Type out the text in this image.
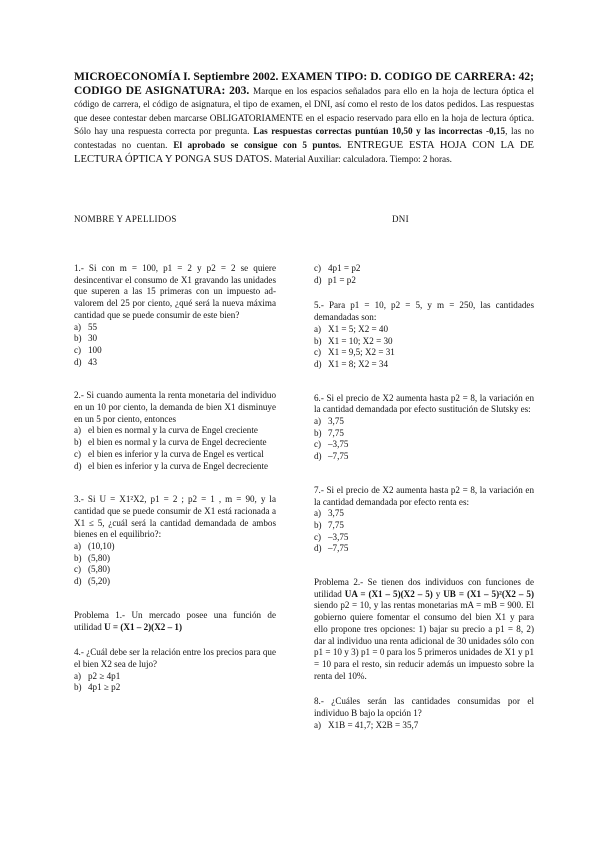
MICROECONOMÍA I. Septiembre 2002. EXAMEN TIPO: D. CODIGO DE CARRERA: 42; CODIGO DE ASIGNATURA: 203. Marque en los espacios señalados para ello en la hoja de lectura óptica el código de carrera, el código de asignatura, el tipo de examen, el DNI, así como el resto de los datos pedidos. Las respuestas que desee contestar deben marcarse OBLIGATORIAMENTE en el espacio reservado para ello en la hoja de lectura óptica. Sólo hay una respuesta correcta por pregunta. Las respuestas correctas puntúan 10,50 y las incorrectas -0,15, las no contestadas no cuentan. El aprobado se consigue con 5 puntos. ENTREGUE ESTA HOJA CON LA DE LECTURA ÓPTICA Y PONGA SUS DATOS. Material Auxiliar: calculadora. Tiempo: 2 horas.
NOMBRE Y APELLIDOS	DNI

1.- Si con m = 100, p1 = 2 y p2 = 2 se quiere desincentivar el consumo de X1 gravando las unidades que superen a las 15 primeras con un impuesto ad-valorem del 25 por ciento, ¿qué será la nueva máxima cantidad que se puede consumir de este bien?

a) 55
b) 30
c) 100
d) 43

2.- Si cuando aumenta la renta monetaria del individuo en un 10 por ciento, la demanda de bien X1 disminuye en un 5 por ciento, entonces

a) el bien es normal y la curva de Engel creciente
b) el bien es normal y la curva de Engel decreciente
c) el bien es inferior y la curva de Engel es vertical
d) el bien es inferior y la curva de Engel decreciente

3.- Si U = X1²X2, p1 = 2 ; p2 = 1 , m = 90, y la cantidad que se puede consumir de X1 está racionada a X1 ≤ 5, ¿cuál será la cantidad demandada de ambos bienes en el equilibrio?:

a) (10,10)
b) (5,80)
c) (5,80)
d) (5,20)

Problema 1.- Un mercado posee una función de utilidad U = (X1 – 2)(X2 – 1)

4.- ¿Cuál debe ser la relación entre los precios para que el bien X2 sea de lujo?

a) p2 ≥ 4p1
b) 4p1 ≥ p2
c) 4p1 = p2
d) p1 = p2

5.- Para p1 = 10, p2 = 5, y m = 250, las cantidades demandadas son:

a) X1 = 5; X2 = 40
b) X1 = 10; X2 = 30
c) X1 = 9,5; X2 = 31
d) X1 = 8; X2 = 34

6.- Si el precio de X2 aumenta hasta p2 = 8, la variación en la cantidad demandada por efecto sustitución de Slutsky es:

a) 3,75
b) 7,75
c) –3,75
d) –7,75

7.- Si el precio de X2 aumenta hasta p2 = 8, la variación en la cantidad demandada por efecto renta es:

a) 3,75
b) 7,75
c) –3,75
d) –7,75

Problema 2.- Se tienen dos individuos con funciones de utilidad UA = (X1 – 5)(X2 – 5) y UB = (X1 – 5)²(X2 – 5) siendo p2 = 10, y las rentas monetarias mA = mB = 900. El gobierno quiere fomentar el consumo del bien X1 y para ello propone tres opciones: 1) bajar su precio a p1 = 8, 2) dar al individuo una renta adicional de 30 unidades sólo con p1 = 10 y 3) p1 = 0 para los 5 primeros unidades de X1 y p1 = 10 para el resto, sin reducir además un impuesto sobre la renta del 10%.

8.- ¿Cuáles serán las cantidades consumidas por el individuo B bajo la opción 1?

a) X1B = 41,7; X2B = 35,7
